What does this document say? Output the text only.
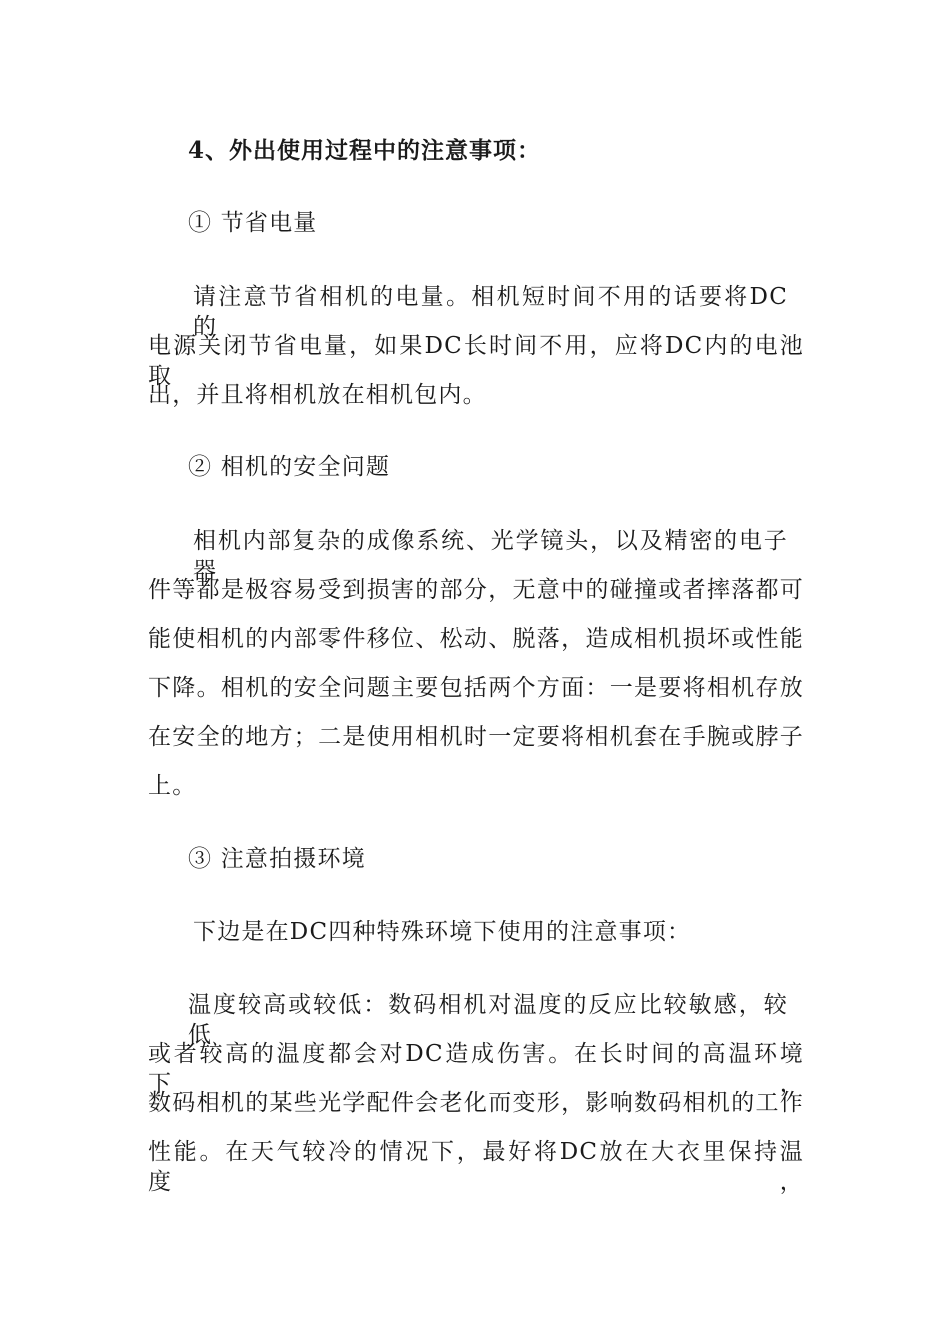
4、外出使用过程中的注意事项：
① 节省电量
请注意节省相机的电量。相机短时间不用的话要将DC的
电源关闭节省电量，如果DC长时间不用，应将DC内的电池取
出，并且将相机放在相机包内。
② 相机的安全问题
相机内部复杂的成像系统、光学镜头，以及精密的电子器
件等都是极容易受到损害的部分，无意中的碰撞或者摔落都可
能使相机的内部零件移位、松动、脱落，造成相机损坏或性能
下降。相机的安全问题主要包括两个方面：一是要将相机存放
在安全的地方；二是使用相机时一定要将相机套在手腕或脖子
上。
③ 注意拍摄环境
下边是在DC四种特殊环境下使用的注意事项：
温度较高或较低：数码相机对温度的反应比较敏感，较低
或者较高的温度都会对DC造成伤害。在长时间的高温环境下，
数码相机的某些光学配件会老化而变形，影响数码相机的工作
性能。在天气较冷的情况下，最好将DC放在大衣里保持温度，
